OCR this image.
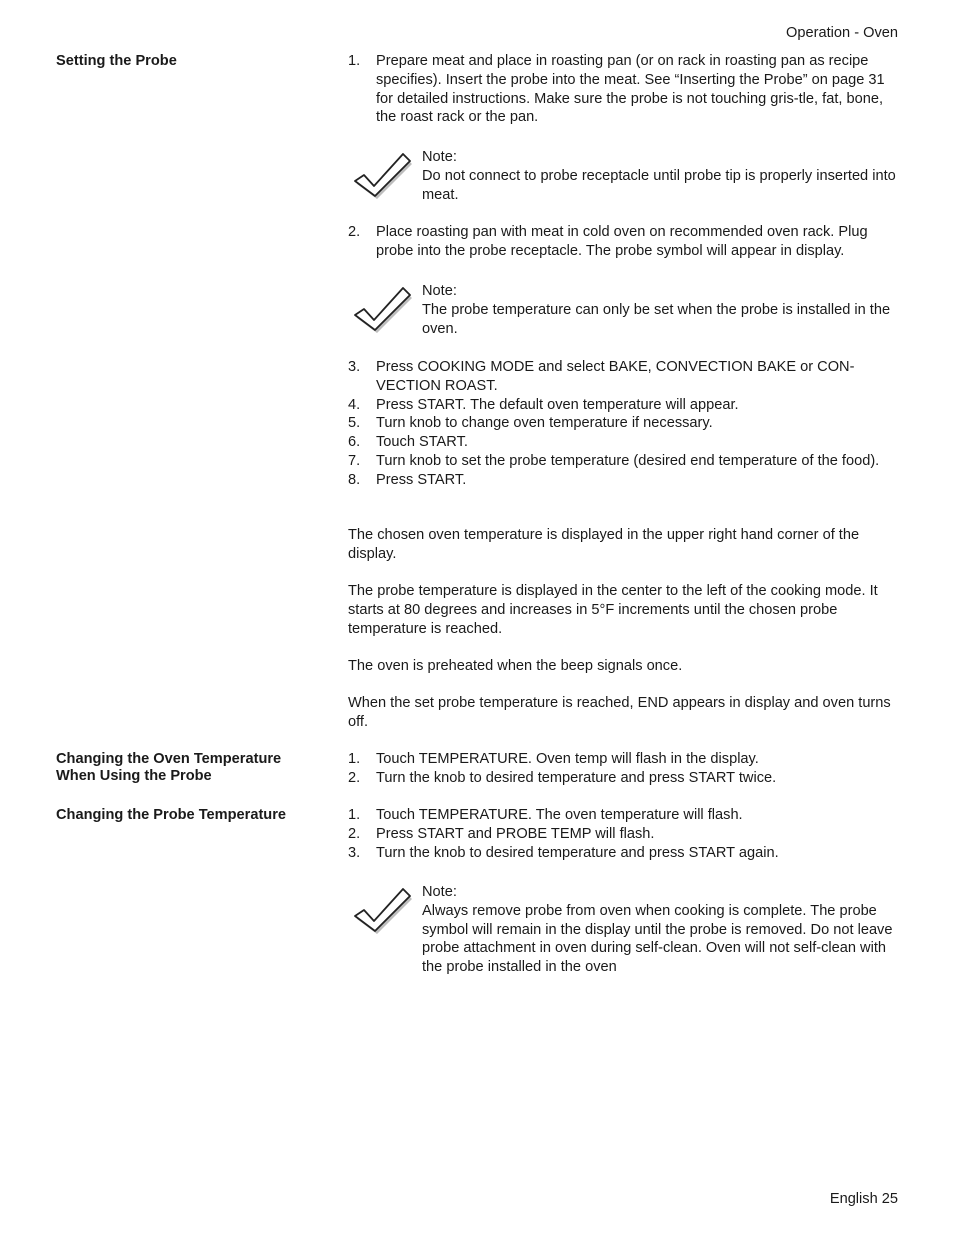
Operation - Oven
English 25
Setting the Probe	1.	Prepare meat and place in roasting pan (or on rack in roasting pan as recipe specifies). Insert the probe into the meat. See “Inserting the Probe” on page 31 for detailed instructions. Make sure the probe is not touching gris-tle, fat, bone, the roast rack or the pan.
Note:
Do not connect to probe receptacle until probe tip is properly inserted into meat.
2.	Place roasting pan with meat in cold oven on recommended oven rack. Plug probe into the probe receptacle. The probe symbol will appear in display.
Note:
The probe temperature can only be set when the probe is installed in the oven.
3.	Press COOKING MODE and select BAKE, CONVECTION BAKE or CON-VECTION ROAST.
4.	Press START. The default oven temperature will appear.
5.	Turn knob to change oven temperature if necessary.
6.	Touch START.
7.	Turn knob to set the probe temperature (desired end temperature of the food).
8.	Press START.
The chosen oven temperature is displayed in the upper right hand corner of the display.
The probe temperature is displayed in the center to the left of the cooking mode. It starts at 80 degrees and increases in 5°F increments until the chosen probe temperature is reached.
The oven is preheated when the beep signals once.
When the set probe temperature is reached, END appears in display and oven turns off.
Changing the Oven Temperature When Using the Probe
1.	Touch TEMPERATURE. Oven temp will flash in the display.
2.	Turn the knob to desired temperature and press START twice.
Changing the Probe Temperature	1.	Touch TEMPERATURE. The oven temperature will flash.
2.	Press START and PROBE TEMP will flash.
3.	Turn the knob to desired temperature and press START again.
Note:
Always remove probe from oven when cooking is complete. The probe symbol will remain in the display until the probe is removed. Do not leave probe attachment in oven during self-clean. Oven will not self-clean with the probe installed in the oven
